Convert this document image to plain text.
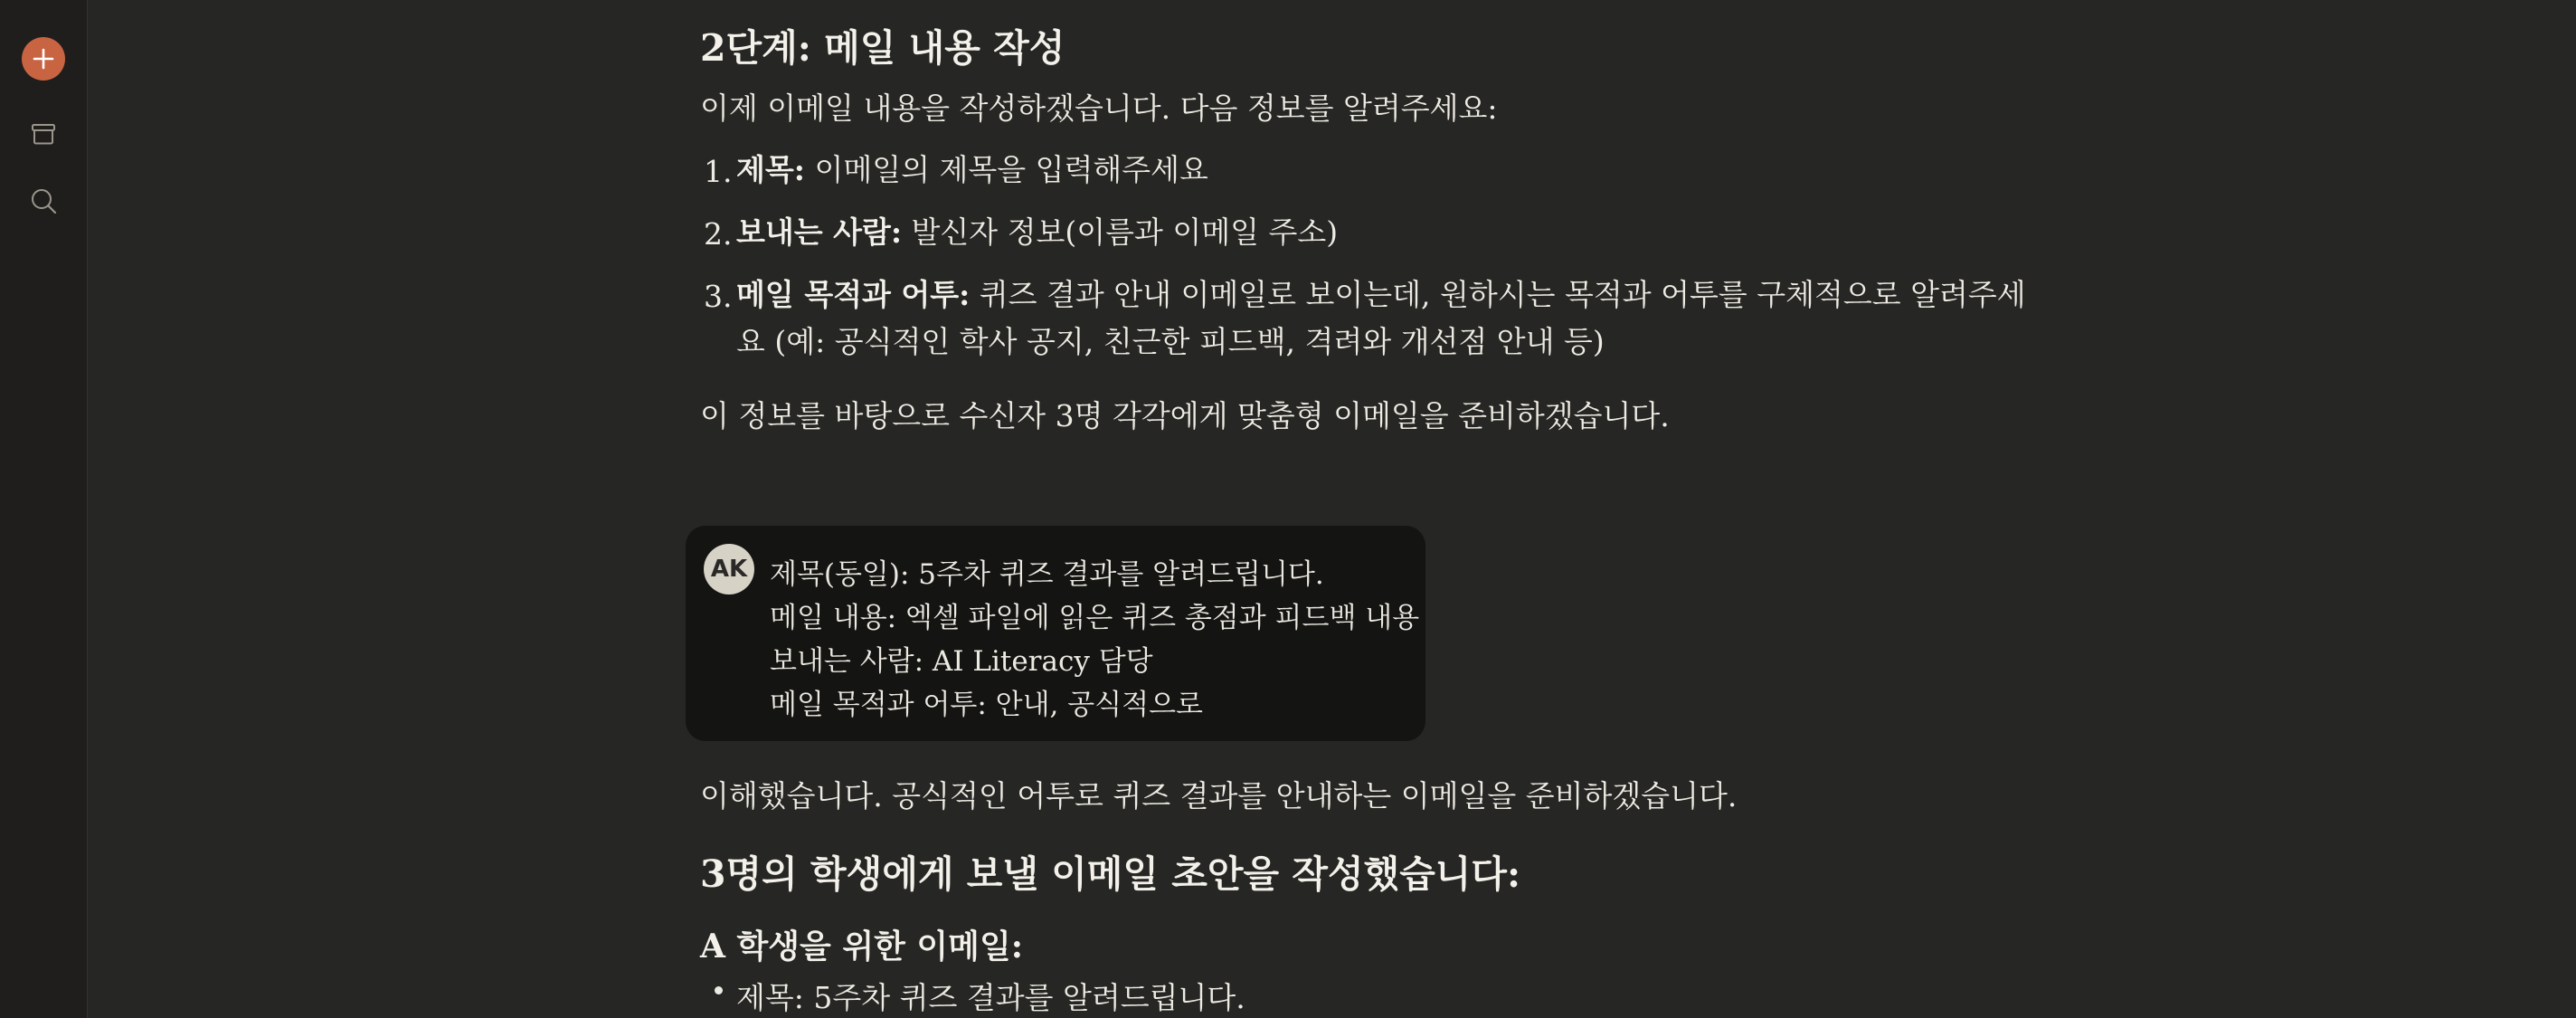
2단계: 메일 내용 작성

이제 이메일 내용을 작성하겠습니다. 다음 정보를 알려주세요:

1. 제목: 이메일의 제목을 입력해주세요

2. 보내는 사람: 발신자 정보(이름과 이메일 주소)

3. 메일 목적과 어투: 퀴즈 결과 안내 이메일로 보이는데, 원하시는 목적과 어투를 구체적으로 알려주세

요 (예: 공식적인 학사 공지, 친근한 피드백, 격려와 개선점 안내 등)

이 정보를 바탕으로 수신자 3명 각각에게 맞춤형 이메일을 준비하겠습니다.

AK 제목(동일): 5주차 퀴즈 결과를 알려드립니다.

메일 내용: 엑셀 파일에 읽은 퀴즈 총점과 피드백 내용

보내는 사람: AI Literacy 담당

메일 목적과 어투: 안내, 공식적으로

이해했습니다. 공식적인 어투로 퀴즈 결과를 안내하는 이메일을 준비하겠습니다.

3명의 학생에게 보낼 이메일 초안을 작성했습니다:
A 학생을 위한 이메일:

제목: 5주차 퀴즈 결과를 알려드립니다.
